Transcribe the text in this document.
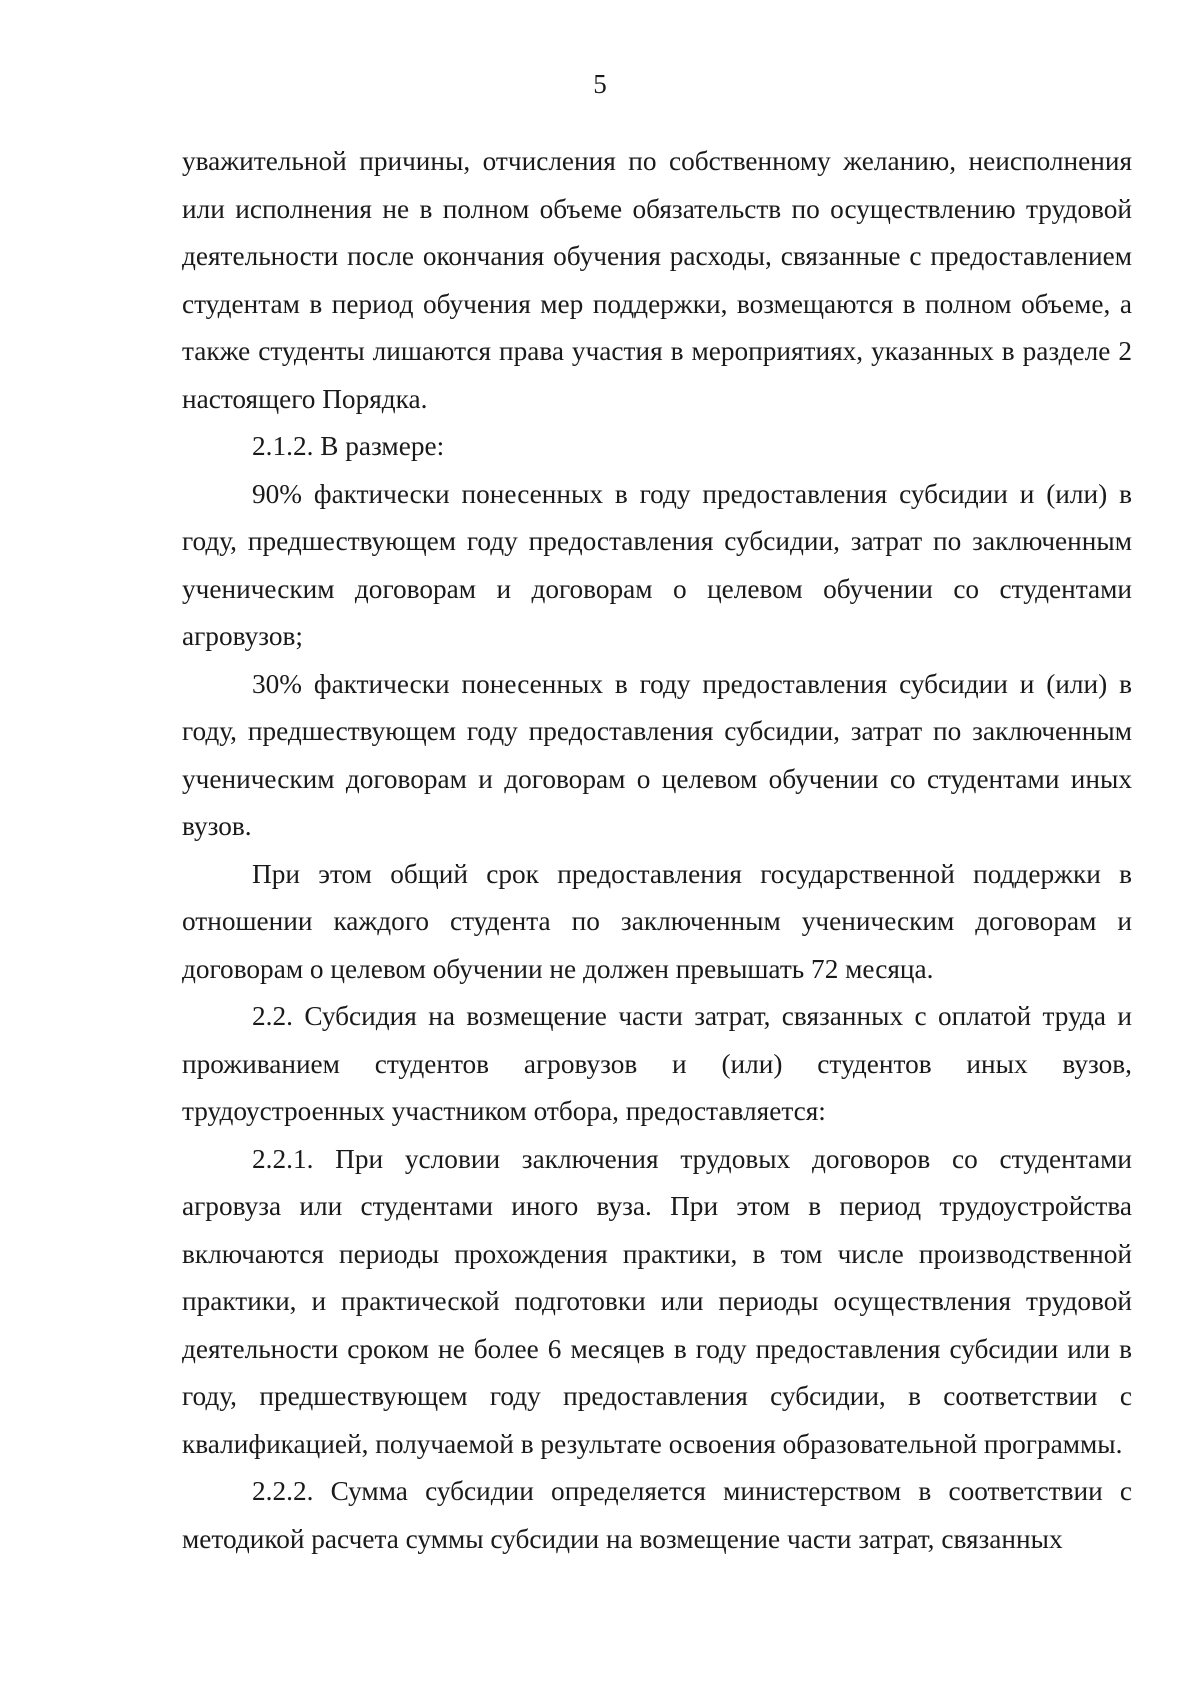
5

уважительной причины, отчисления по собственному желанию, неисполнения или исполнения не в полном объеме обязательств по осуществлению трудовой деятельности после окончания обучения расходы, связанные с предоставлением студентам в период обучения мер поддержки, возмещаются в полном объеме, а также студенты лишаются права участия в мероприятиях, указанных в разделе 2 настоящего Порядка.

2.1.2. В размере:

90% фактически понесенных в году предоставления субсидии и (или) в году, предшествующем году предоставления субсидии, затрат по заключенным ученическим договорам и договорам о целевом обучении со студентами агровузов;

30% фактически понесенных в году предоставления субсидии и (или) в году, предшествующем году предоставления субсидии, затрат по заключенным ученическим договорам и договорам о целевом обучении со студентами иных вузов.

При этом общий срок предоставления государственной поддержки в отношении каждого студента по заключенным ученическим договорам и договорам о целевом обучении не должен превышать 72 месяца.

2.2. Субсидия на возмещение части затрат, связанных с оплатой труда и проживанием студентов агровузов и (или) студентов иных вузов, трудоустроенных участником отбора, предоставляется:

2.2.1. При условии заключения трудовых договоров со студентами агровуза или студентами иного вуза. При этом в период трудоустройства включаются периоды прохождения практики, в том числе производственной практики, и практической подготовки или периоды осуществления трудовой деятельности сроком не более 6 месяцев в году предоставления субсидии или в году, предшествующем году предоставления субсидии, в соответствии с квалификацией, получаемой в результате освоения образовательной программы.

2.2.2. Сумма субсидии определяется министерством в соответствии с методикой расчета суммы субсидии на возмещение части затрат, связанных
